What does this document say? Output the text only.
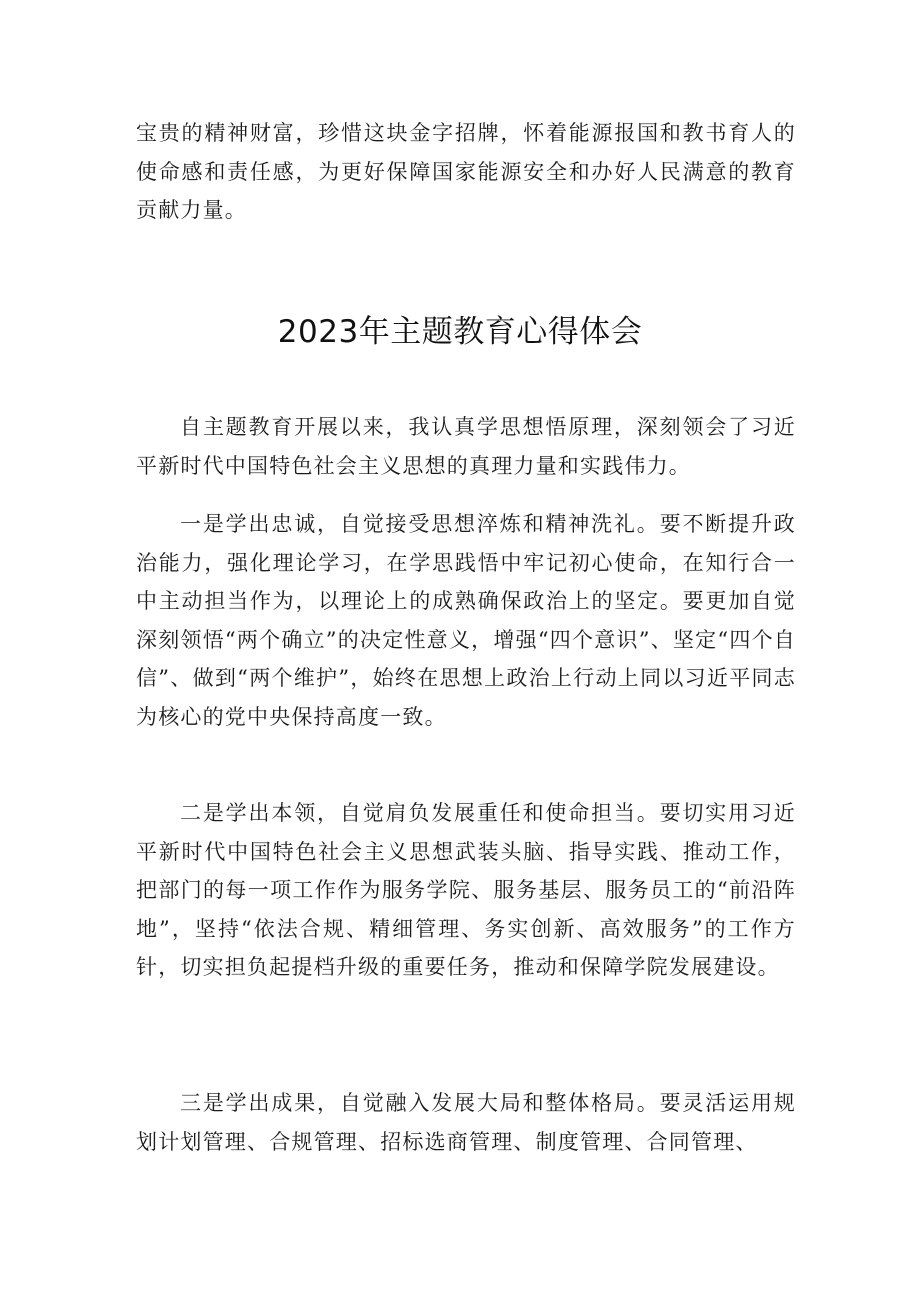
宝贵的精神财富，珍惜这块金字招牌，怀着能源报国和教书育人的使命感和责任感，为更好保障国家能源安全和办好人民满意的教育贡献力量。

2023年主题教育心得体会

自主题教育开展以来，我认真学思想悟原理，深刻领会了习近平新时代中国特色社会主义思想的真理力量和实践伟力。

一是学出忠诚，自觉接受思想淬炼和精神洗礼。要不断提升政治能力，强化理论学习，在学思践悟中牢记初心使命，在知行合一中主动担当作为，以理论上的成熟确保政治上的坚定。要更加自觉深刻领悟“两个确立”的决定性意义，增强“四个意识”、坚定“四个自信”、做到“两个维护”，始终在思想上政治上行动上同以习近平同志为核心的党中央保持高度一致。

二是学出本领，自觉肩负发展重任和使命担当。要切实用习近平新时代中国特色社会主义思想武装头脑、指导实践、推动工作，把部门的每一项工作作为服务学院、服务基层、服务员工的“前沿阵地”，坚持“依法合规、精细管理、务实创新、高效服务”的工作方针，切实担负起提档升级的重要任务，推动和保障学院发展建设。

三是学出成果，自觉融入发展大局和整体格局。要灵活运用规划计划管理、合规管理、招标选商管理、制度管理、合同管理、
